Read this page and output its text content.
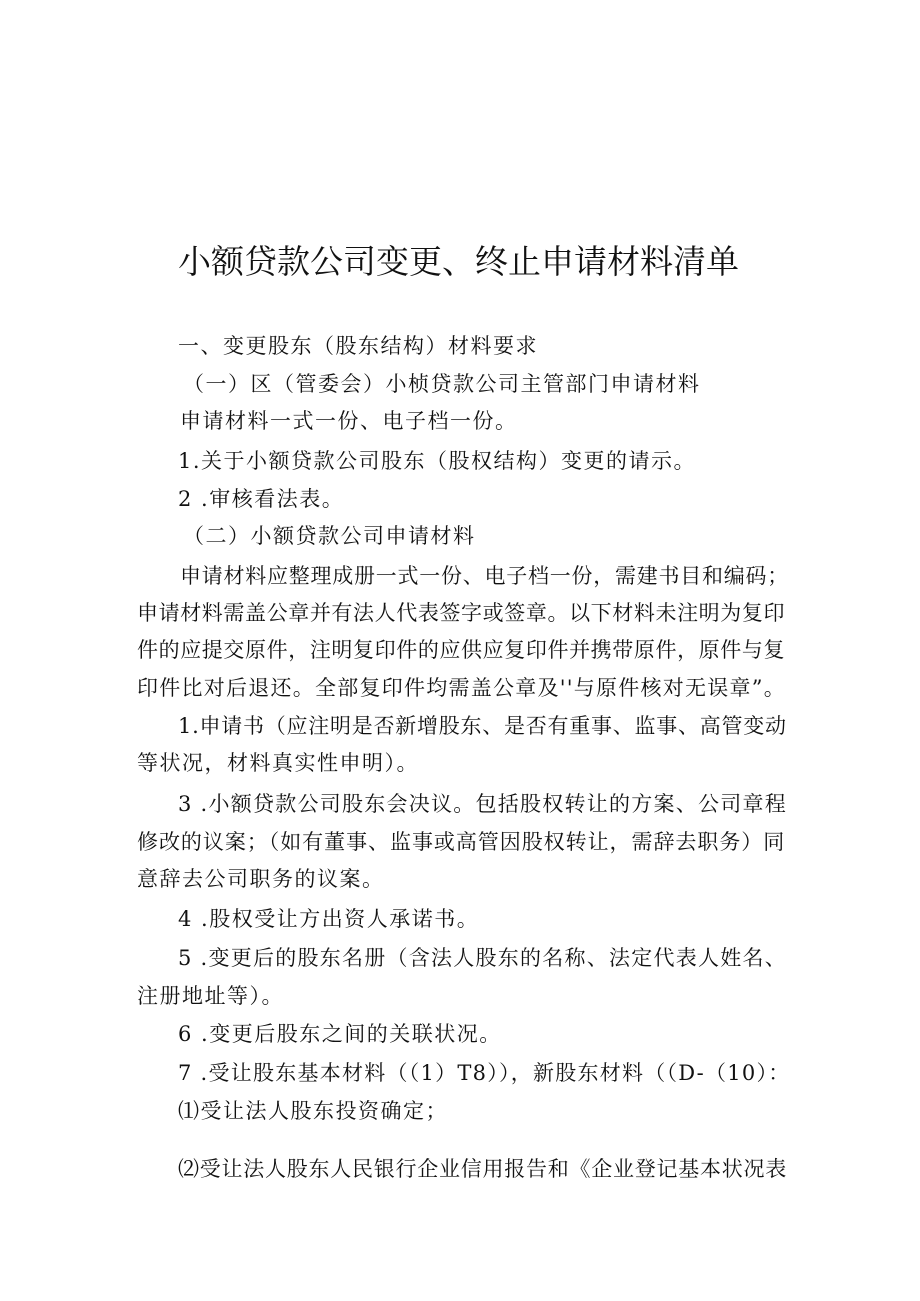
小额贷款公司变更、终止申请材料清单
一、变更股东（股东结构）材料要求
（一）区（管委会）小桢贷款公司主管部门申请材料
申请材料一式一份、电子档一份。
1.关于小额贷款公司股东（股权结构）变更的请示。
2 .审核看法表。
（二）小额贷款公司申请材料
申请材料应整理成册一式一份、电子档一份，需建书目和编码；
申请材料需盖公章并有法人代表签字或签章。以下材料未注明为复印
件的应提交原件，注明复印件的应供应复印件并携带原件，原件与复
印件比对后退还。全部复印件均需盖公章及''与原件核对无误章”。
1.申请书（应注明是否新增股东、是否有重事、监事、高管变动
等状况，材料真实性申明）。
3 .小额贷款公司股东会决议。包括股权转让的方案、公司章程
修改的议案；（如有董事、监事或高管因股权转让，需辞去职务）同
意辞去公司职务的议案。
4 .股权受让方出资人承诺书。
5 .变更后的股东名册（含法人股东的名称、法定代表人姓名、
注册地址等）。
6 .变更后股东之间的关联状况。
7 .受让股东基本材料（（1）T8）），新股东材料（（D-（10）：
⑴受让法人股东投资确定；
⑵受让法人股东人民银行企业信用报告和《企业登记基本状况表
